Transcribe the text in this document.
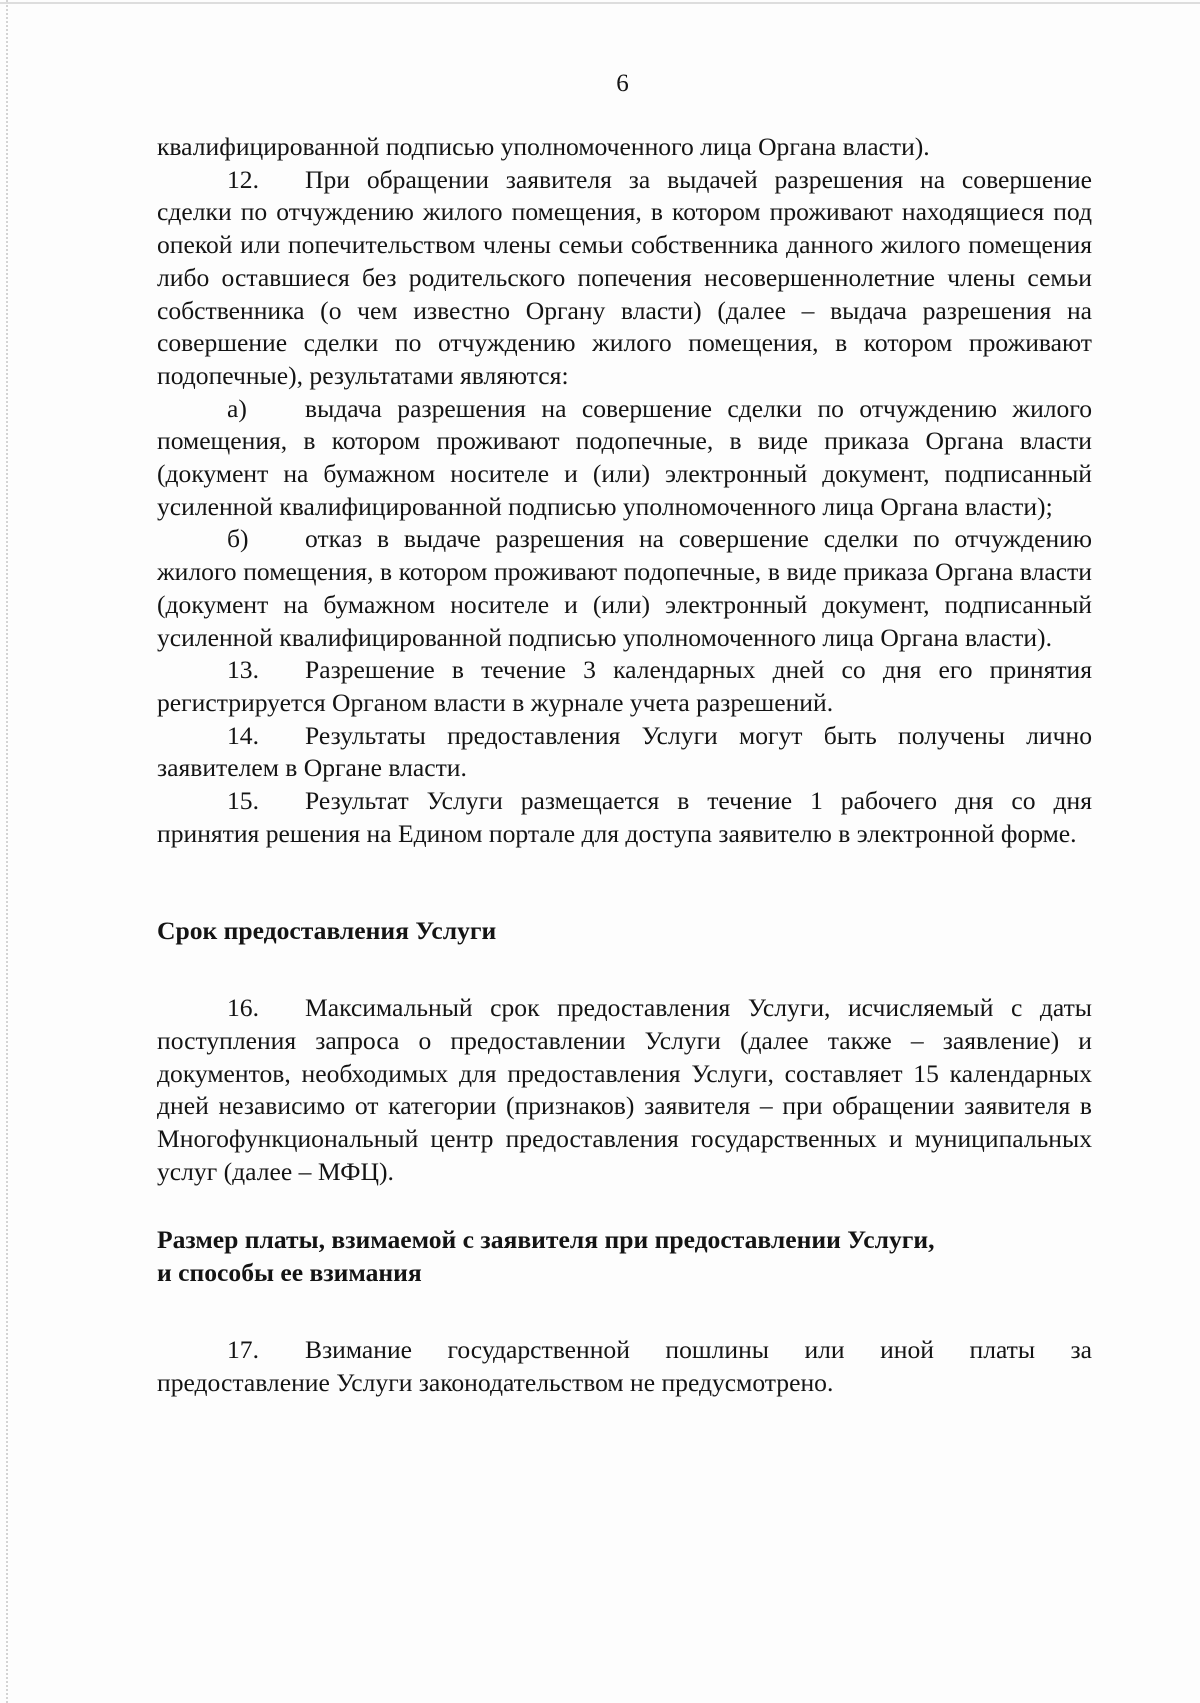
6

квалифицированной подписью уполномоченного лица Органа власти).

12. При обращении заявителя за выдачей разрешения на совершение сделки по отчуждению жилого помещения, в котором проживают находящиеся под опекой или попечительством члены семьи собственника данного жилого помещения либо оставшиеся без родительского попечения несовершеннолетние члены семьи собственника (о чем известно Органу власти) (далее – выдача разрешения на совершение сделки по отчуждению жилого помещения, в котором проживают подопечные), результатами являются:

а) выдача разрешения на совершение сделки по отчуждению жилого помещения, в котором проживают подопечные, в виде приказа Органа власти (документ на бумажном носителе и (или) электронный документ, подписанный усиленной квалифицированной подписью уполномоченного лица Органа власти);

б) отказ в выдаче разрешения на совершение сделки по отчуждению жилого помещения, в котором проживают подопечные, в виде приказа Органа власти (документ на бумажном носителе и (или) электронный документ, подписанный усиленной квалифицированной подписью уполномоченного лица Органа власти).

13. Разрешение в течение 3 календарных дней со дня его принятия регистрируется Органом власти в журнале учета разрешений.

14. Результаты предоставления Услуги могут быть получены лично заявителем в Органе власти.

15. Результат Услуги размещается в течение 1 рабочего дня со дня принятия решения на Едином портале для доступа заявителю в электронной форме.

Срок предоставления Услуги

16. Максимальный срок предоставления Услуги, исчисляемый с даты поступления запроса о предоставлении Услуги (далее также – заявление) и документов, необходимых для предоставления Услуги, составляет 15 календарных дней независимо от категории (признаков) заявителя – при обращении заявителя в Многофункциональный центр предоставления государственных и муниципальных услуг (далее – МФЦ).

Размер платы, взимаемой с заявителя при предоставлении Услуги,

и способы ее взимания

17. Взимание государственной пошлины или иной платы за предоставление Услуги законодательством не предусмотрено.
